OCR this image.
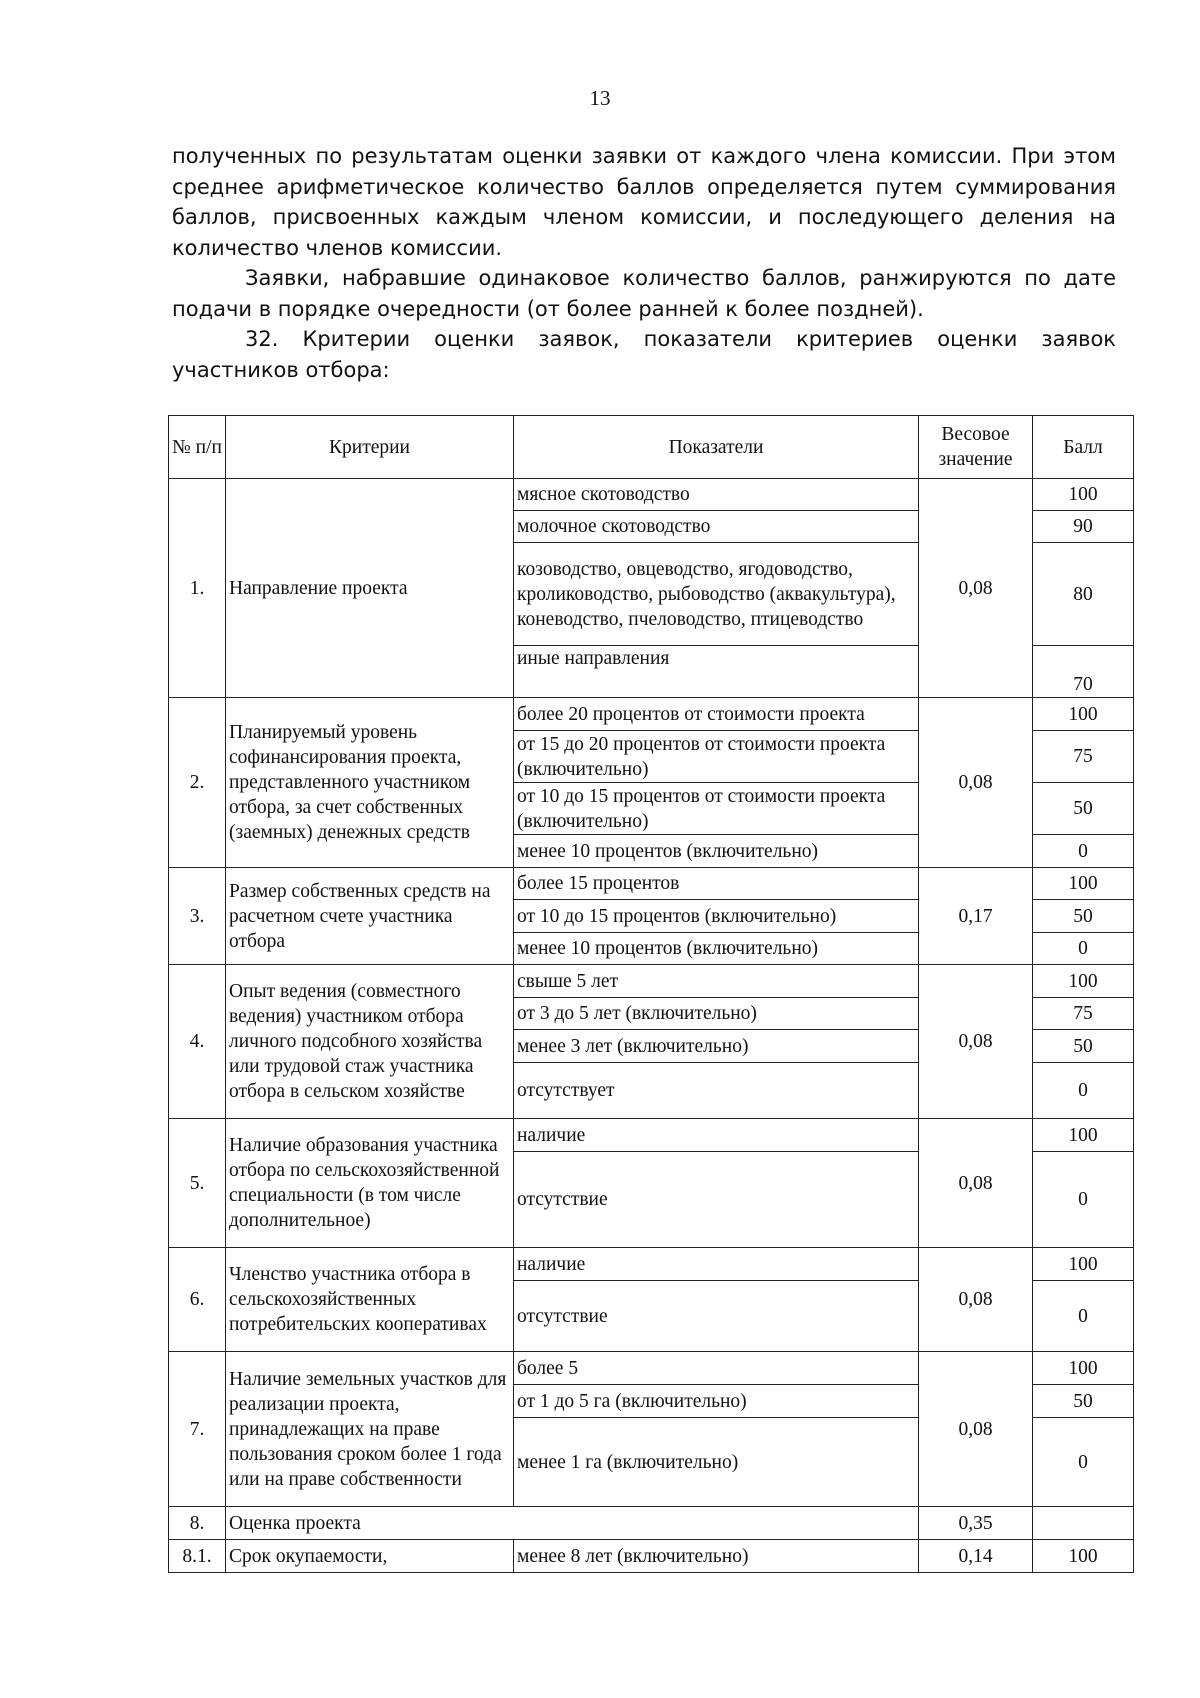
13

полученных по результатам оценки заявки от каждого члена комиссии. При этом среднее арифметическое количество баллов определяется путем суммирования баллов, присвоенных каждым членом комиссии, и последующего деления на количество членов комиссии.

Заявки, набравшие одинаковое количество баллов, ранжируются по дате подачи в порядке очередности (от более ранней к более поздней).

32. Критерии оценки заявок, показатели критериев оценки заявок участников отбора:

№ п/п	Критерии	Показатели	Весовое значение	Балл
1.	Направление проекта	мясное скотоводство	0,08	100
		молочное скотоводство		90
		козоводство, овцеводство, ягодоводство, кролиководство, рыбоводство (аквакультура), коневодство, пчеловодство, птицеводство		80
		иные направления		70
2.	Планируемый уровень софинансирования проекта, представленного участником отбора, за счет собственных (заемных) денежных средств	более 20 процентов от стоимости проекта	0,08	100
		от 15 до 20 процентов от стоимости проекта (включительно)		75
		от 10 до 15 процентов от стоимости проекта (включительно)		50
		менее 10 процентов (включительно)		0
3.	Размер собственных средств на расчетном счете участника отбора	более 15 процентов	0,17	100
		от 10 до 15 процентов (включительно)		50
		менее 10 процентов (включительно)		0
4.	Опыт ведения (совместного ведения) участником отбора личного подсобного хозяйства или трудовой стаж участника отбора в сельском хозяйстве	свыше 5 лет	0,08	100
		от 3 до 5 лет (включительно)		75
		менее 3 лет (включительно)		50
		отсутствует		0
5.	Наличие образования участника отбора по сельскохозяйственной специальности (в том числе дополнительное)	наличие	0,08	100
		отсутствие		0
6.	Членство участника отбора в сельскохозяйственных потребительских кооперативах	наличие	0,08	100
		отсутствие		0
7.	Наличие земельных участков для реализации проекта, принадлежащих на праве пользования сроком более 1 года или на праве собственности	более 5	0,08	100
		от 1 до 5 га (включительно)		50
		менее 1 га (включительно)		0
8.	Оценка проекта		0,35	
8.1.	Срок окупаемости,	менее 8 лет (включительно)	0,14	100
